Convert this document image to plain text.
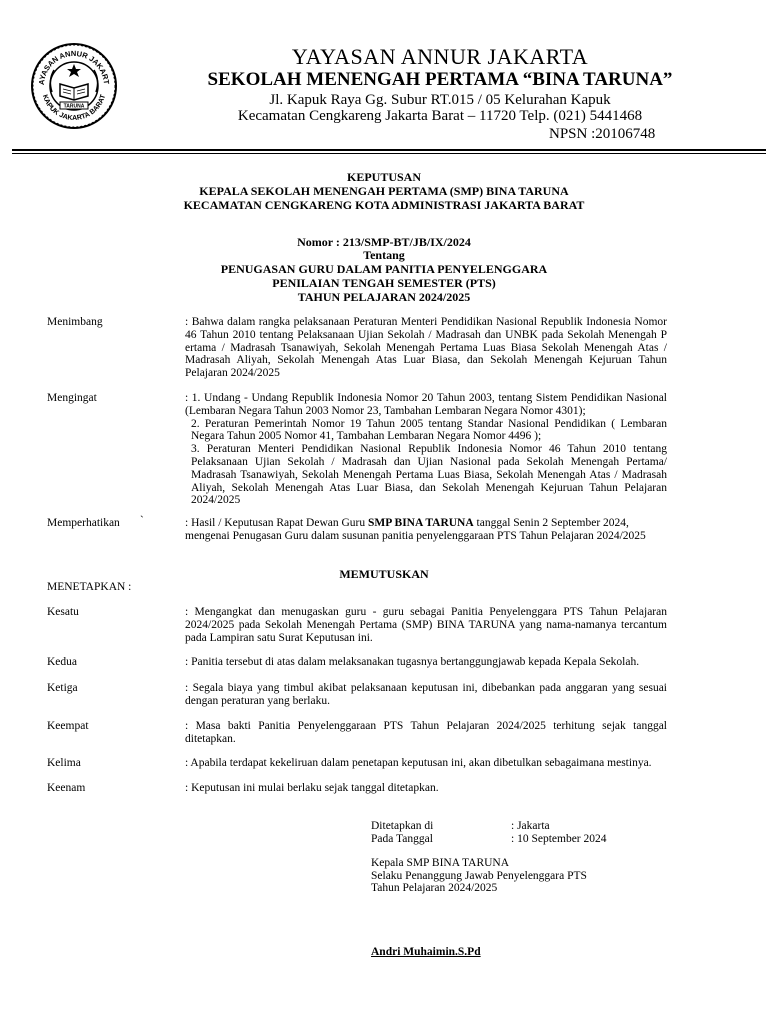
AYASAN ANNUR JAKART
KAPUK JAKARTA BARAT
TARUNA
YAYASAN ANNUR JAKARTA
SEKOLAH MENENGAH PERTAMA “BINA TARUNA”
Jl. Kapuk Raya Gg. Subur RT.015 / 05 Kelurahan Kapuk
Kecamatan Cengkareng Jakarta Barat – 11720 Telp. (021) 5441468
NPSN :20106748
KEPUTUSAN
KEPALA SEKOLAH MENENGAH PERTAMA (SMP) BINA TARUNA
KECAMATAN CENGKARENG KOTA ADMINISTRASI JAKARTA BARAT
Nomor : 213/SMP-BT/JB/IX/2024
Tentang
PENUGASAN GURU DALAM PANITIA PENYELENGGARA
PENILAIAN TENGAH SEMESTER (PTS)
TAHUN PELAJARAN 2024/2025
Menimbang	: Bahwa dalam rangka pelaksanaan Peraturan Menteri Pendidikan Nasional Republik Indonesia Nomor 46 Tahun 2010 tentang Pelaksanaan Ujian Sekolah / Madrasah dan UNBK pada Sekolah Menengah P ertama / Madrasah Tsanawiyah, Sekolah Menengah Pertama Luas Biasa Sekolah Menengah Atas / Madrasah Aliyah, Sekolah Menengah Atas Luar Biasa, dan Sekolah Menengah Kejuruan Tahun Pelajaran 2024/2025
Mengingat	: 1. Undang - Undang Republik Indonesia Nomor 20 Tahun 2003, tentang Sistem Pendidikan Nasional (Lembaran Negara Tahun 2003 Nomor 23, Tambahan Lembaran Negara Nomor 4301);
2. Peraturan Pemerintah Nomor 19 Tahun 2005 tentang Standar Nasional Pendidikan ( Lembaran Negara Tahun 2005 Nomor 41, Tambahan Lembaran Negara Nomor 4496 );
3. Peraturan Menteri Pendidikan Nasional Republik Indonesia Nomor 46 Tahun 2010 tentang Pelaksanaan Ujian Sekolah / Madrasah dan Ujian Nasional pada Sekolah Menengah Pertama/ Madrasah Tsanawiyah, Sekolah Menengah Pertama Luas Biasa, Sekolah Menengah Atas / Madrasah Aliyah, Sekolah Menengah Atas Luar Biasa, dan Sekolah Menengah Kejuruan Tahun Pelajaran 2024/2025
Memperhatikan `	: Hasil / Keputusan Rapat Dewan Guru SMP BINA TARUNA tanggal Senin 2 September 2024, mengenai Penugasan Guru dalam susunan panitia penyelenggaraan PTS Tahun Pelajaran 2024/2025
MEMUTUSKAN
MENETAPKAN :
Kesatu	: Mengangkat dan menugaskan guru - guru sebagai Panitia Penyelenggara PTS Tahun Pelajaran 2024/2025 pada Sekolah Menengah Pertama (SMP) BINA TARUNA yang nama-namanya tercantum pada Lampiran satu Surat Keputusan ini.
Kedua	: Panitia tersebut di atas dalam melaksanakan tugasnya bertanggungjawab kepada Kepala Sekolah.
Ketiga	: Segala biaya yang timbul akibat pelaksanaan keputusan ini, dibebankan pada anggaran yang sesuai dengan peraturan yang berlaku.
Keempat	: Masa bakti Panitia Penyelenggaraan PTS Tahun Pelajaran 2024/2025 terhitung sejak tanggal ditetapkan.
Kelima	: Apabila terdapat kekeliruan dalam penetapan keputusan ini, akan dibetulkan sebagaimana mestinya.
Keenam	: Keputusan ini mulai berlaku sejak tanggal ditetapkan.
Ditetapkan di	: Jakarta
Pada Tanggal	: 10 September 2024
Kepala SMP BINA TARUNA
Selaku Penanggung Jawab Penyelenggara PTS
Tahun Pelajaran 2024/2025
Andri Muhaimin.S.Pd
